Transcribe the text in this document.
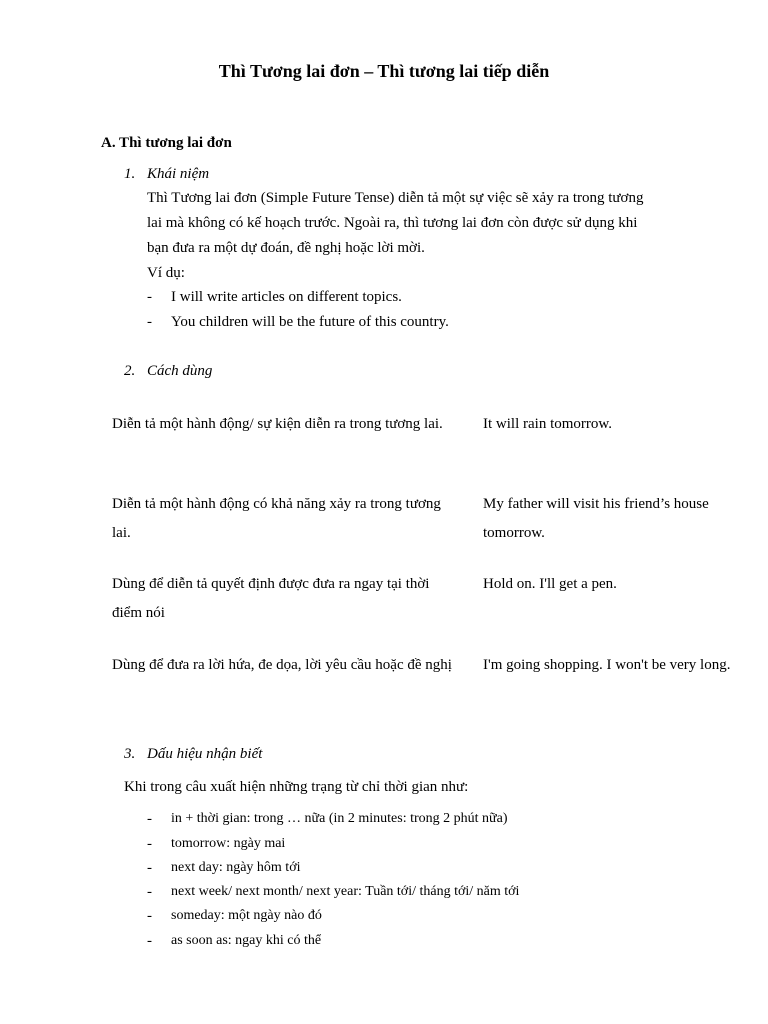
Thì Tương lai đơn – Thì tương lai tiếp diễn
A. Thì tương lai đơn
1. Khái niệm
Thì Tương lai đơn (Simple Future Tense) diễn tả một sự việc sẽ xảy ra trong tương
lai mà không có kế hoạch trước. Ngoài ra, thì tương lai đơn còn được sử dụng khi
bạn đưa ra một dự đoán, đề nghị hoặc lời mời.
Ví dụ:
- I will write articles on different topics.
- You children will be the future of this country.
2. Cách dùng
Diễn tả một hành động/ sự kiện diễn ra trong tương lai.	It will rain tomorrow.
Diễn tả một hành động có khả năng xảy ra trong tương lai.
My father will visit his friend’s house tomorrow.
Dùng để diễn tả quyết định được đưa ra ngay tại thời điểm nói
Hold on. I'll get a pen.
Dùng để đưa ra lời hứa, đe dọa, lời yêu cầu hoặc đề nghị	I'm going shopping. I won't be very long.
3. Dấu hiệu nhận biết
Khi trong câu xuất hiện những trạng từ chỉ thời gian như:
- in + thời gian: trong … nữa (in 2 minutes: trong 2 phút nữa)
- tomorrow: ngày mai
- next day: ngày hôm tới
- next week/ next month/ next year: Tuần tới/ tháng tới/ năm tới
- someday: một ngày nào đó
- as soon as: ngay khi có thể
